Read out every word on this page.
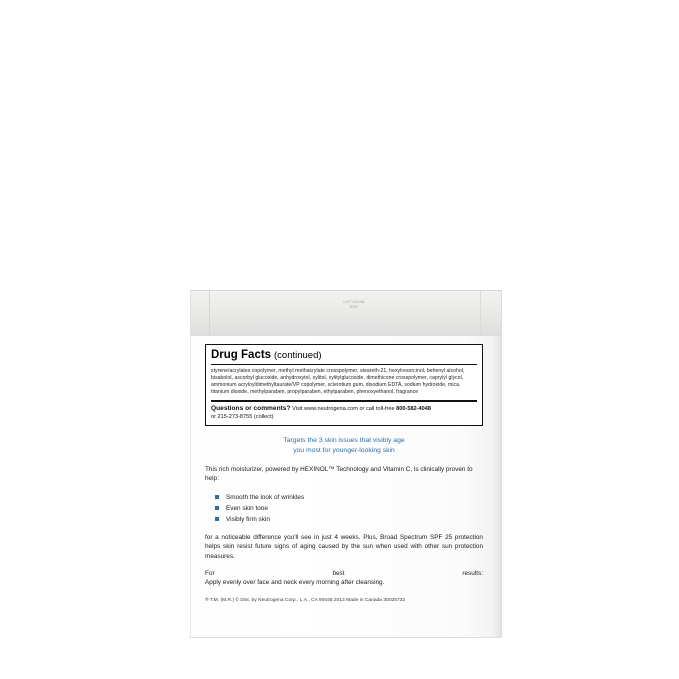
LOT 0214A EXP
Drug Facts (continued)
styrene/acrylates copolymer, methyl methacrylate crosspolymer, steareth-21, hexylresorcinol, behenyl alcohol, bisabolol, ascorbyl glucoside, anhydroxytol, xylitol, xylitylglucoside, dimethicone crosspolymer, caprylyl glycol, ammonium acryloyldimethyltaurate/VP copolymer, sclerotium gum, disodium EDTA, sodium hydroxide, mica, titanium dioxide, methylparaben, propylparaben, ethylparaben, phenoxyethanol, fragrance
Questions or comments? Visit www.neutrogena.com or call toll-free 800-582-4048
or 215-273-8755 (collect)
Targets the 3 skin issues that visibly age
you most for younger-looking skin
This rich moisturizer, powered by HEXINOL™ Technology and Vitamin C, is clinically proven to help:
Smooth the look of wrinkles
Even skin tone
Visibly firm skin
for a noticeable difference you'll see in just 4 weeks. Plus, Broad Spectrum SPF 25 protection helps skin resist future signs of aging caused by the sun when used with other sun protection measures.
For	best	results:
Apply evenly over face and neck every morning after cleansing.
® T.M. (M.R.) © Dist. by Neutrogena Corp., L.A., CA 90045 2013 Made in Canada 30025732
